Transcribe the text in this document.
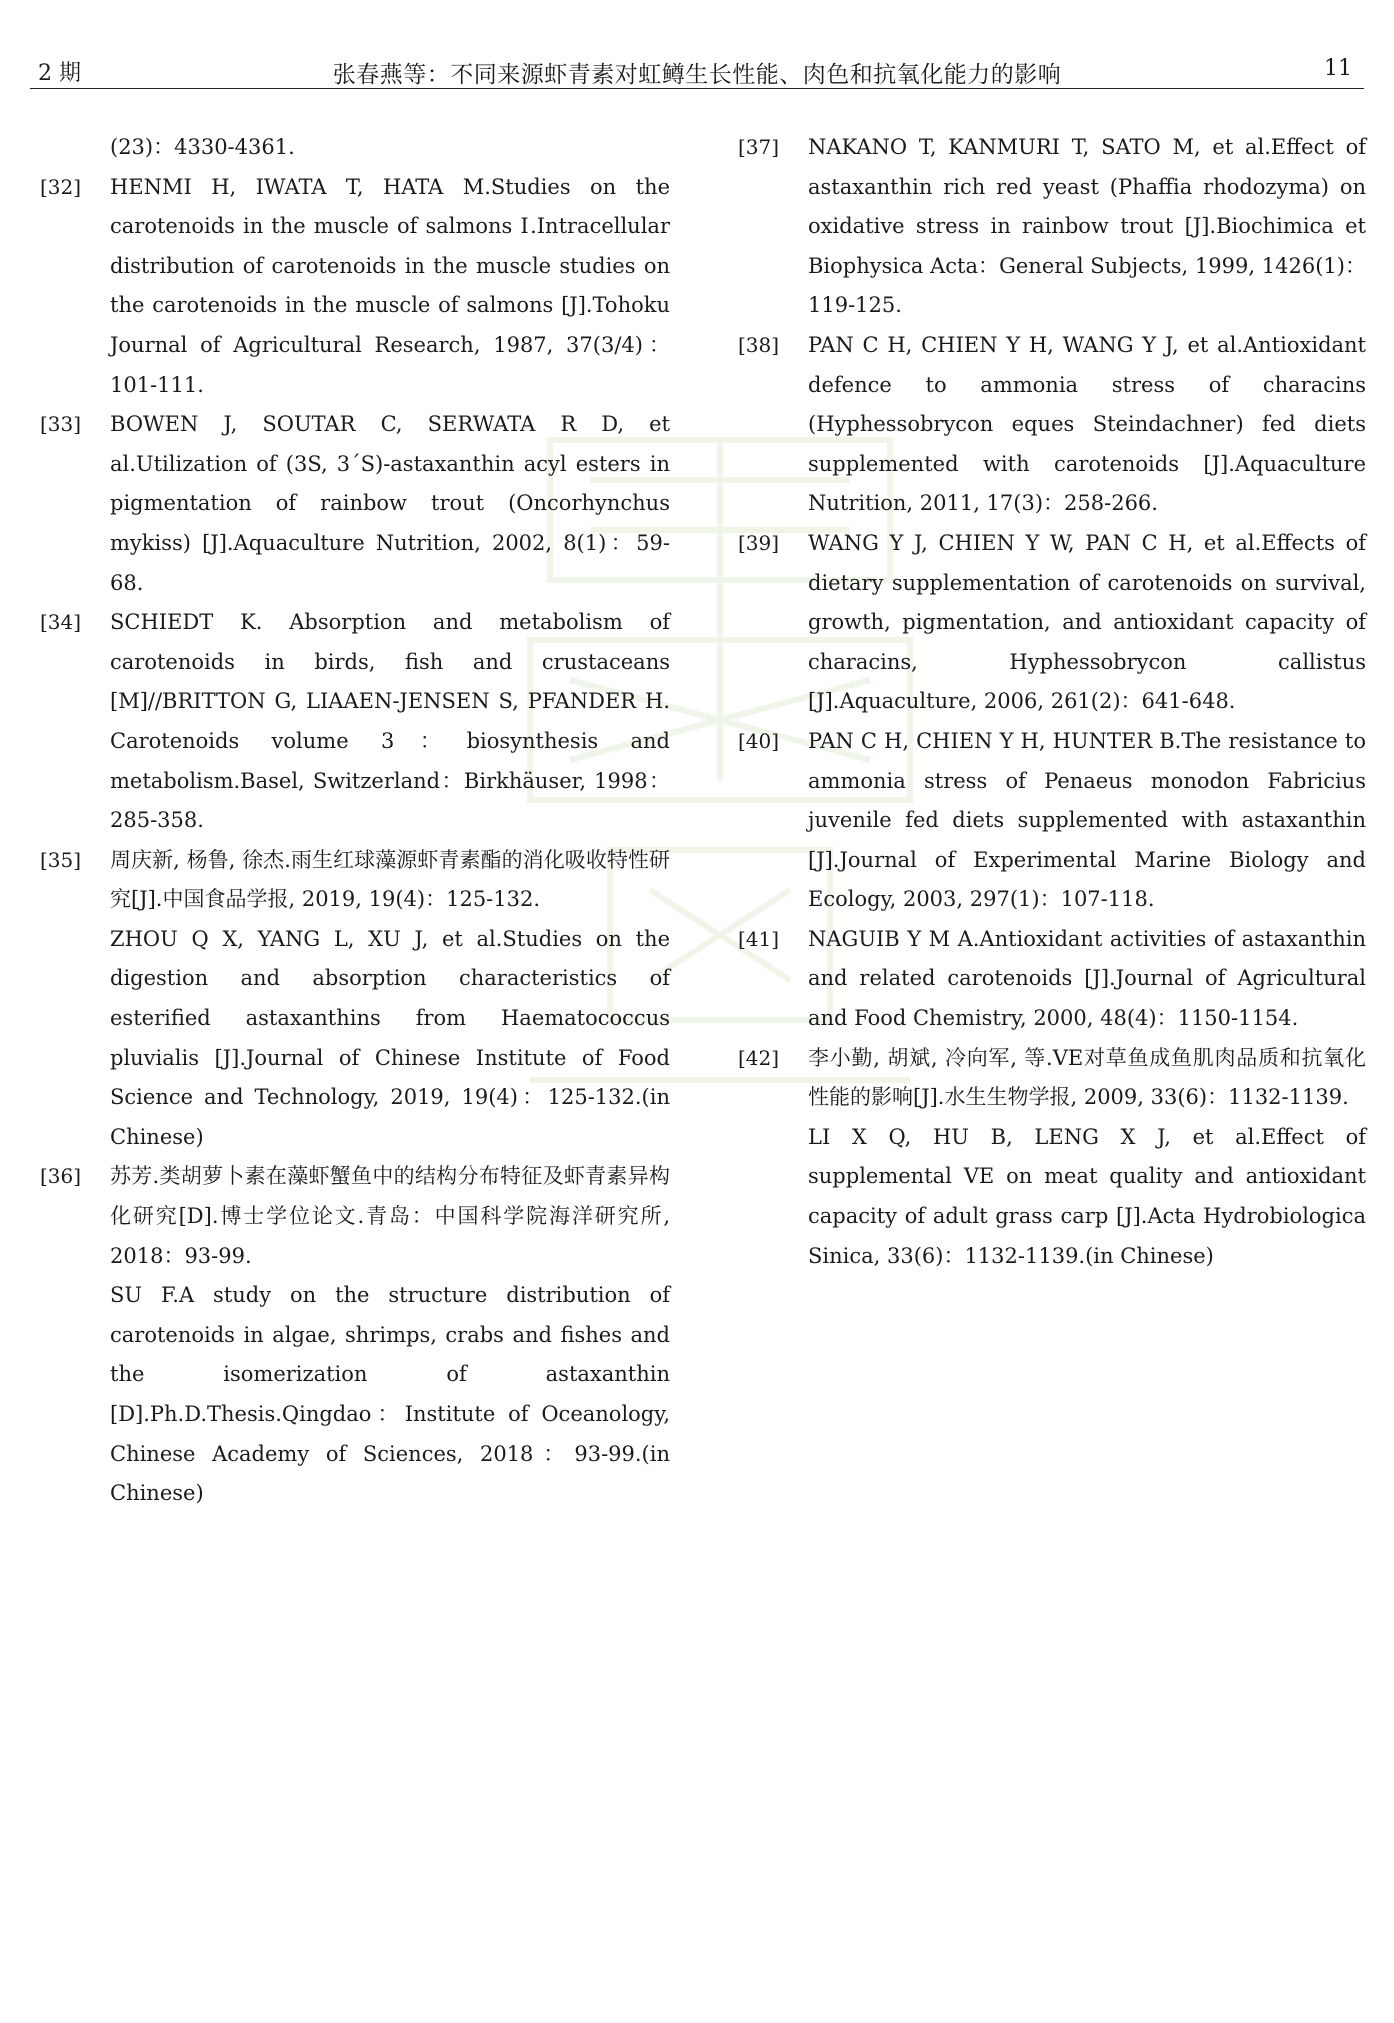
2 期	张春燕等：不同来源虾青素对虹鳟生长性能、肉色和抗氧化能力的影响	11
(23)：4330-4361.
[32] HENMI H, IWATA T, HATA M.Studies on the carotenoids in the muscle of salmons Ⅰ.Intracellular distribution of carotenoids in the muscle studies on the carotenoids in the muscle of salmons [J].Tohoku Journal of Agricultural Research, 1987, 37(3/4)：101-111.
[33] BOWEN J, SOUTAR C, SERWATA R D, et al.Utilization of (3S, 3´S)-astaxanthin acyl esters in pigmentation of rainbow trout (Oncorhynchus mykiss) [J].Aquaculture Nutrition, 2002, 8(1)：59-68.
[34] SCHIEDT K. Absorption and metabolism of carotenoids in birds, fish and crustaceans [M]//BRITTON G, LIAAEN-JENSEN S, PFANDER H. Carotenoids volume 3：biosynthesis and metabolism.Basel, Switzerland：Birkhäuser, 1998：285-358.
[35] 周庆新, 杨鲁, 徐杰.雨生红球藻源虾青素酯的消化吸收特性研究[J].中国食品学报, 2019, 19(4)：125-132.
ZHOU Q X, YANG L, XU J, et al.Studies on the digestion and absorption characteristics of esterified astaxanthins from Haematococcus pluvialis [J].Journal of Chinese Institute of Food Science and Technology, 2019, 19(4)：125-132.(in Chinese)
[36] 苏芳.类胡萝卜素在藻虾蟹鱼中的结构分布特征及虾青素异构化研究[D].博士学位论文.青岛：中国科学院海洋研究所, 2018：93-99.
SU F.A study on the structure distribution of carotenoids in algae, shrimps, crabs and fishes and the isomerization of astaxanthin [D].Ph.D.Thesis.Qingdao：Institute of Oceanology, Chinese Academy of Sciences, 2018：93-99.(in Chinese)
[37] NAKANO T, KANMURI T, SATO M, et al.Effect of astaxanthin rich red yeast (Phaffia rhodozyma) on oxidative stress in rainbow trout [J].Biochimica et Biophysica Acta：General Subjects, 1999, 1426(1)：119-125.
[38] PAN C H, CHIEN Y H, WANG Y J, et al.Antioxidant defence to ammonia stress of characins (Hyphessobrycon eques Steindachner) fed diets supplemented with carotenoids [J].Aquaculture Nutrition, 2011, 17(3)：258-266.
[39] WANG Y J, CHIEN Y W, PAN C H, et al.Effects of dietary supplementation of carotenoids on survival, growth, pigmentation, and antioxidant capacity of characins, Hyphessobrycon callistus [J].Aquaculture, 2006, 261(2)：641-648.
[40] PAN C H, CHIEN Y H, HUNTER B.The resistance to ammonia stress of Penaeus monodon Fabricius juvenile fed diets supplemented with astaxanthin [J].Journal of Experimental Marine Biology and Ecology, 2003, 297(1)：107-118.
[41] NAGUIB Y M A.Antioxidant activities of astaxanthin and related carotenoids [J].Journal of Agricultural and Food Chemistry, 2000, 48(4)：1150-1154.
[42] 李小勤, 胡斌, 冷向军, 等.VE对草鱼成鱼肌肉品质和抗氧化性能的影响[J].水生生物学报, 2009, 33(6)：1132-1139.
LI X Q, HU B, LENG X J, et al.Effect of supplemental VE on meat quality and antioxidant capacity of adult grass carp [J].Acta Hydrobiologica Sinica, 33(6)：1132-1139.(in Chinese)
